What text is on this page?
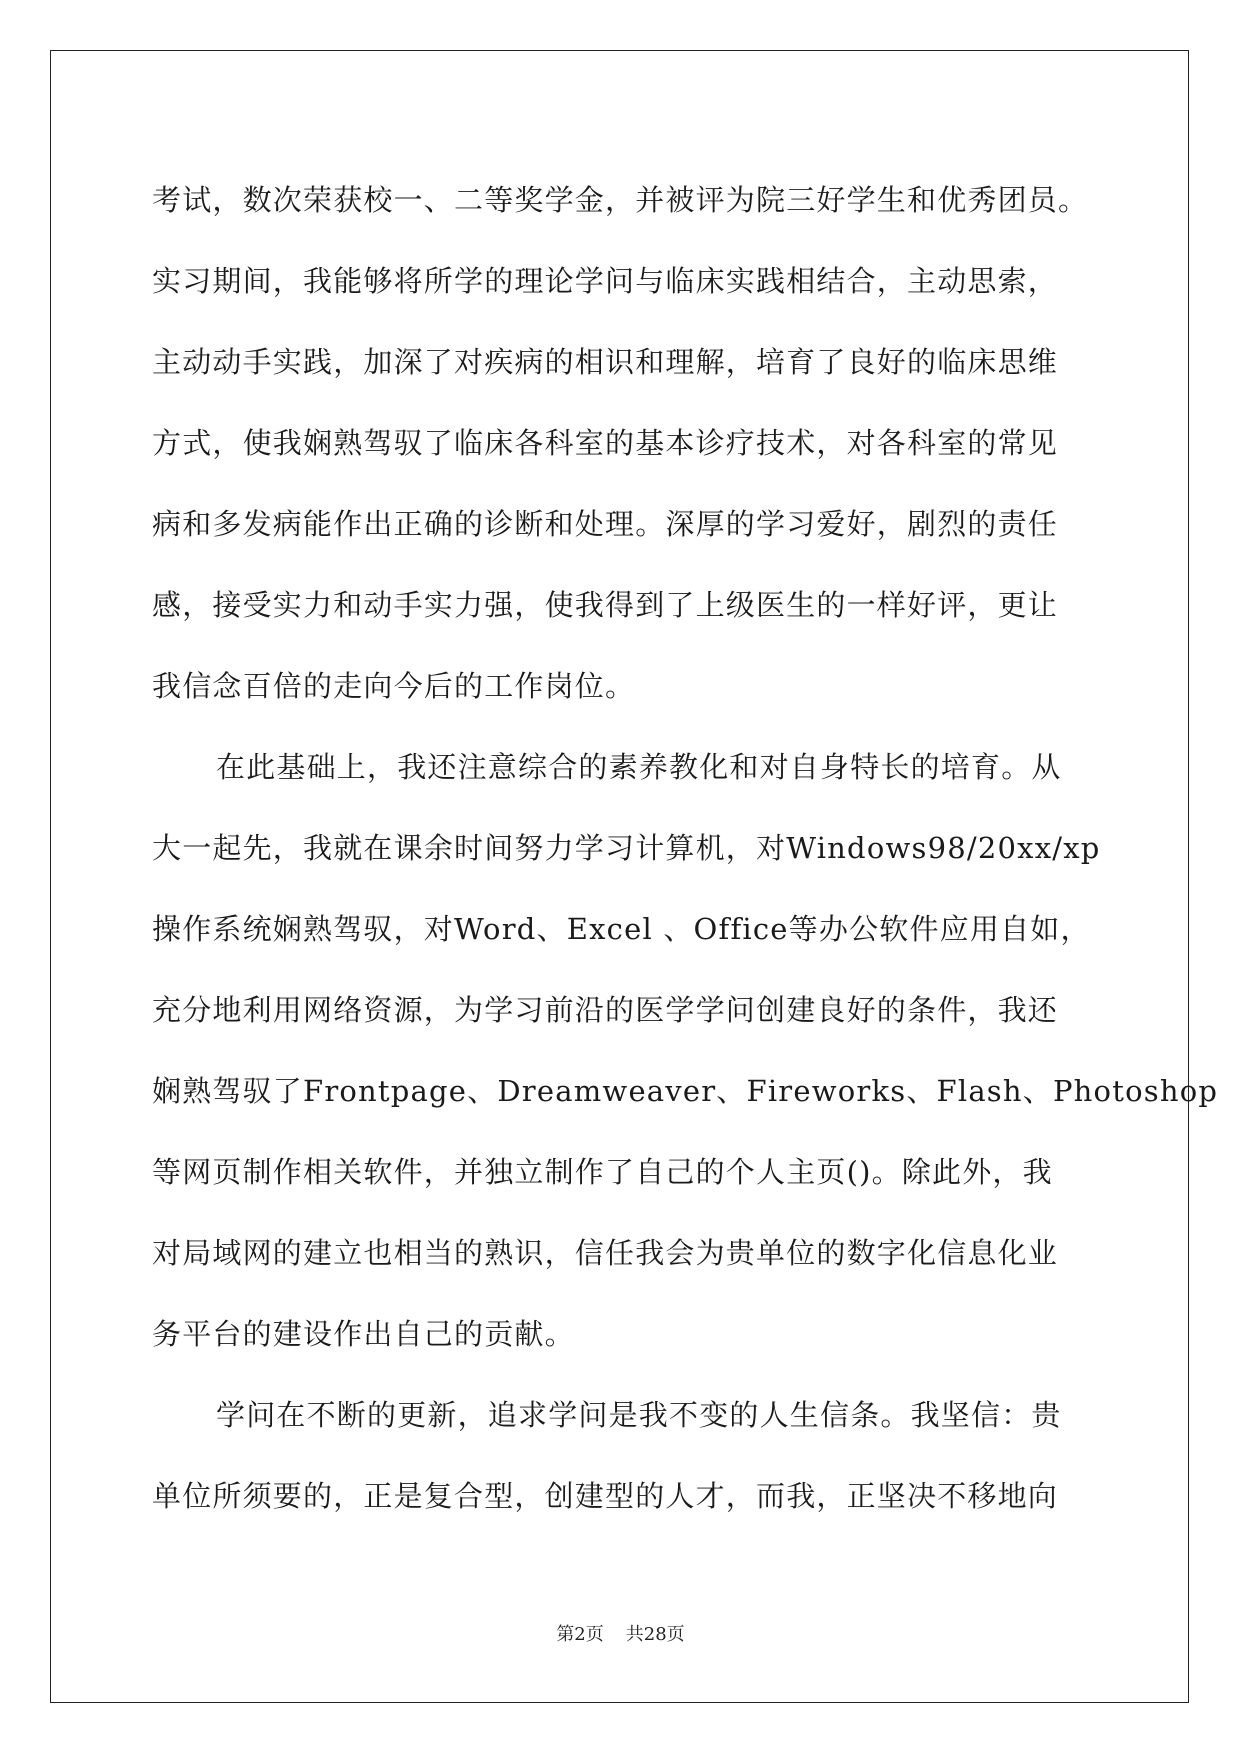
考试，数次荣获校一、二等奖学金，并被评为院三好学生和优秀团员。
实习期间，我能够将所学的理论学问与临床实践相结合，主动思索，
主动动手实践，加深了对疾病的相识和理解，培育了良好的临床思维
方式，使我娴熟驾驭了临床各科室的基本诊疗技术，对各科室的常见
病和多发病能作出正确的诊断和处理。深厚的学习爱好，剧烈的责任
感，接受实力和动手实力强，使我得到了上级医生的一样好评，更让
我信念百倍的走向今后的工作岗位。
在此基础上，我还注意综合的素养教化和对自身特长的培育。从
大一起先，我就在课余时间努力学习计算机，对Windows98/20xx/xp
操作系统娴熟驾驭，对Word、Excel 、Office等办公软件应用自如，
充分地利用网络资源，为学习前沿的医学学问创建良好的条件，我还
娴熟驾驭了Frontpage、Dreamweaver、Fireworks、Flash、Photoshop
等网页制作相关软件，并独立制作了自己的个人主页()。除此外，我
对局域网的建立也相当的熟识，信任我会为贵单位的数字化信息化业
务平台的建设作出自己的贡献。
学问在不断的更新，追求学问是我不变的人生信条。我坚信：贵
单位所须要的，正是复合型，创建型的人才，而我，正坚决不移地向
第2页 共28页
